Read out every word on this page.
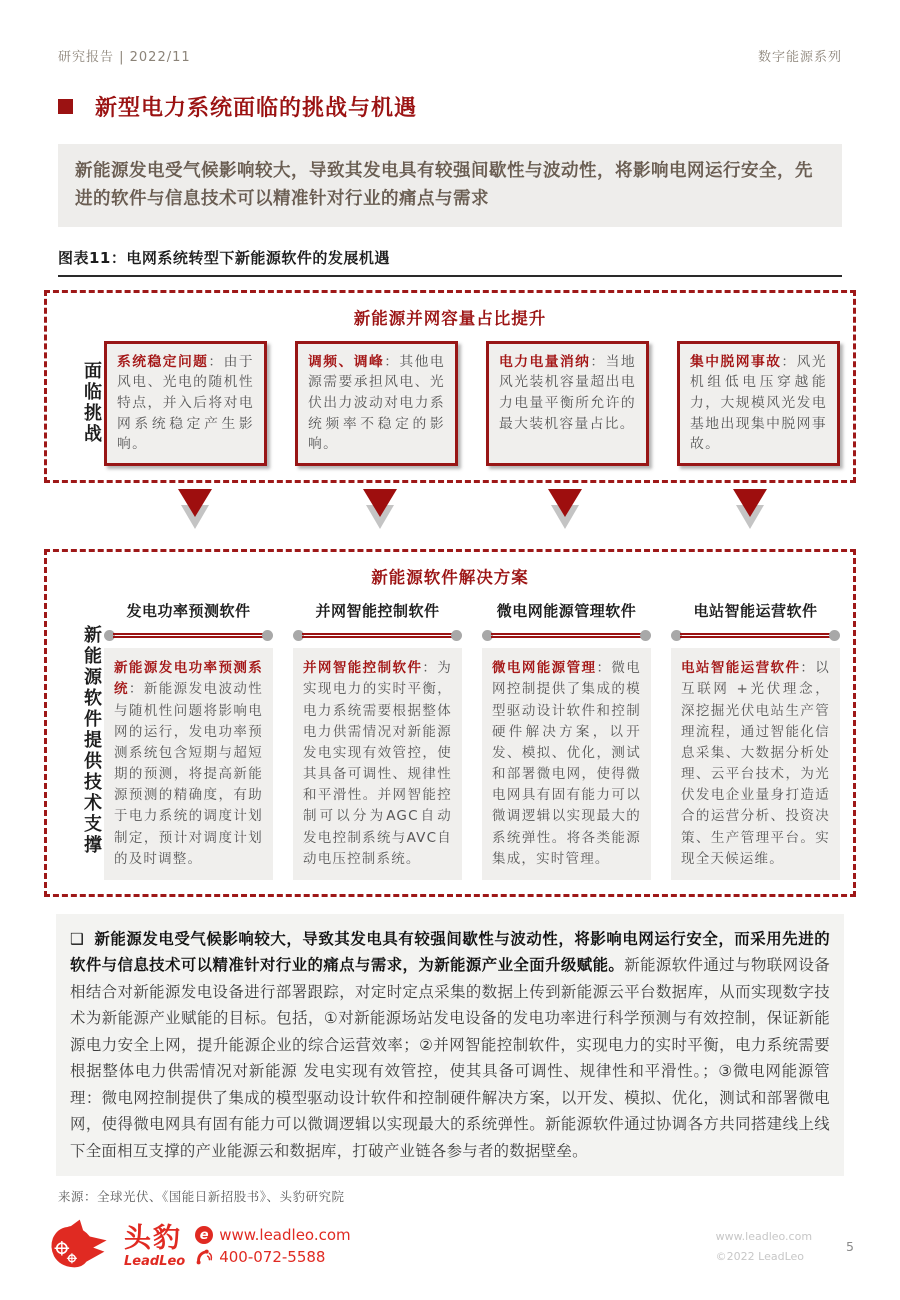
研究报告 | 2022/11	数字能源系列
新型电力系统面临的挑战与机遇
新能源发电受气候影响较大，导致其发电具有较强间歇性与波动性，将影响电网运行安全，先进的软件与信息技术可以精准针对行业的痛点与需求
图表11：电网系统转型下新能源软件的发展机遇
新能源并网容量占比提升
面临挑战	系统稳定问题：由于风电、光电的随机性特点，并入后将对电网系统稳定产生影响。
调频、调峰：其他电源需要承担风电、光伏出力波动对电力系统频率不稳定的影响。
电力电量消纳：当地风光装机容量超出电力电量平衡所允许的最大装机容量占比。
集中脱网事故：风光机组低电压穿越能力，大规模风光发电基地出现集中脱网事故。
新能源软件解决方案
新能源软件提供技术支撑
发电功率预测软件
新能源发电功率预测系统：新能源发电波动性与随机性问题将影响电网的运行，发电功率预测系统包含短期与超短期的预测，将提高新能源预测的精确度，有助于电力系统的调度计划制定，预计对调度计划的及时调整。
并网智能控制软件
并网智能控制软件：为实现电力的实时平衡，电力系统需要根据整体电力供需情况对新能源 发电实现有效管控，使其具备可调性、规律性和平滑性。并网智能控制可以分为AGC自动发电控制系统与AVC自动电压控制系统。
微电网能源管理软件
微电网能源管理：微电网控制提供了集成的模型驱动设计软件和控制硬件解决方案，以开发、模拟、优化，测试和部署微电网，使得微电网具有固有能力可以微调逻辑以实现最大的系统弹性。将各类能源集成，实时管理。
电站智能运营软件
电站智能运营软件：以互联网 +光伏理念，深挖掘光伏电站生产管理流程，通过智能化信息采集、大数据分析处理、云平台技术，为光伏发电企业量身打造适合的运营分析、投资决策、生产管理平台。实现全天候运维。
❑ 新能源发电受气候影响较大，导致其发电具有较强间歇性与波动性，将影响电网运行安全，而采用先进的软件与信息技术可以精准针对行业的痛点与需求，为新能源产业全面升级赋能。新能源软件通过与物联网设备相结合对新能源发电设备进行部署跟踪，对定时定点采集的数据上传到新能源云平台数据库，从而实现数字技术为新能源产业赋能的目标。包括，①对新能源场站发电设备的发电功率进行科学预测与有效控制，保证新能源电力安全上网，提升能源企业的综合运营效率；②并网智能控制软件，实现电力的实时平衡，电力系统需要根据整体电力供需情况对新能源 发电实现有效管控，使其具备可调性、规律性和平滑性。；③微电网能源管理：微电网控制提供了集成的模型驱动设计软件和控制硬件解决方案，以开发、模拟、优化，测试和部署微电网，使得微电网具有固有能力可以微调逻辑以实现最大的系统弹性。新能源软件通过协调各方共同搭建线上线下全面相互支撑的产业能源云和数据库，打破产业链各参与者的数据壁垒。
来源：全球光伏、《国能日新招股书》、头豹研究院
头豹
LeadLeo
e www.leadleo.com
400-072-5588
www.leadleo.com
©2022 LeadLeo
5
